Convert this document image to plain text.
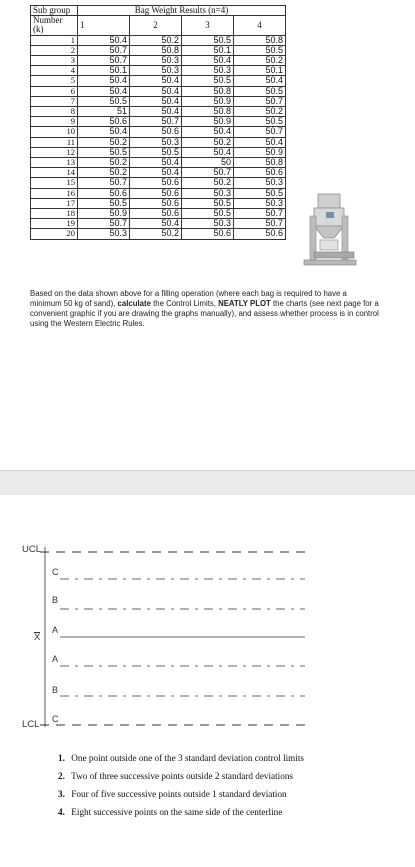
Sub group	Bag Weight Results (n=4)			
Number (k)	1	2	3	4
1	50.4	50.2	50.5	50.8
2	50.7	50.8	50.1	50.5
3	50.7	50.3	50.4	50.2
4	50.1	50.3	50.3	50.1
5	50.4	50.4	50.5	50.4
6	50.4	50.4	50.8	50.5
7	50.5	50.4	50.9	50.7
8	51	50.4	50.8	50.2
9	50.6	50.7	50.9	50.5
10	50.4	50.6	50.4	50.7
11	50.2	50.3	50.2	50.4
12	50.5	50.5	50.4	50.9
13	50.2	50.4	50	50.8
14	50.2	50.4	50.7	50.6
15	50.7	50.6	50.2	50.3
16	50.6	50.6	50.3	50.5
17	50.5	50.6	50.5	50.3
18	50.9	50.6	50.5	50.7
19	50.7	50.4	50.3	50.7
20	50.3	50.2	50.6	50.6

Based on the data shown above for a filling operation (where each bag is required to have a minimum 50 kg of sand), calculate the Control Limits, NEATLY PLOT the charts (see next page for a convenient graphic if you are drawing the graphs manually), and assess whether process is in control using the Western Electric Rules.

UCL
LCL
X
C
B
A
A
B
C
1. One point outside one of the 3 standard deviation control limits
2. Two of three successive points outside 2 standard deviations
3. Four of five successive points outside 1 standard deviation
4. Eight successive points on the same side of the centerline
